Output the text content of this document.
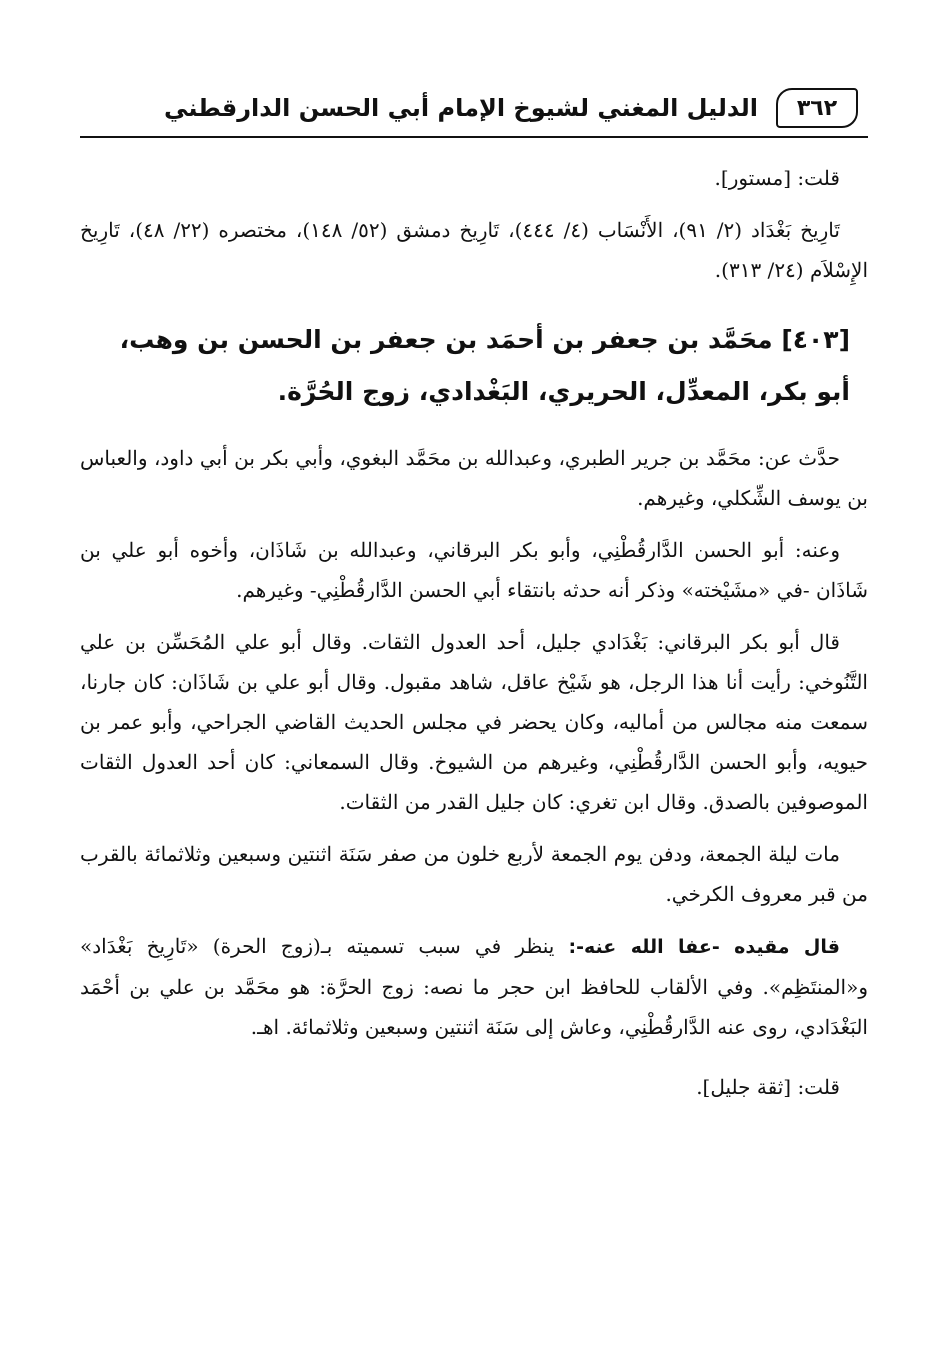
٣٦٢
الدليل المغني لشيوخ الإمام أبي الحسن الدارقطني

قلت: [مستور].

تَارِيخ بَغْدَاد (٢/ ٩١)، الأَنْسَاب (٤/ ٤٤٤)، تَارِيخ دمشق (٥٢/ ١٤٨)، مختصره (٢٢/ ٤٨)، تَارِيخ الإِسْلاَم (٢٤/ ٣١٣).

[٤٠٣] محَمَّد بن جعفر بن أحمَد بن جعفر بن الحسن بن وهب،
أبو بكر، المعدِّل، الحريري، البَغْدادي، زوج الحُرَّة.

حدَّث عن: محَمَّد بن جرير الطبري، وعبدالله بن محَمَّد البغوي، وأبي بكر بن أبي داود، والعباس بن يوسف الشِّكلي، وغيرهم.

وعنه: أبو الحسن الدَّارقُطْنِي، وأبو بكر البرقاني، وعبدالله بن شَاذَان، وأخوه أبو علي بن شَاذَان -في «مشَيْخته» وذكر أنه حدثه بانتقاء أبي الحسن الدَّارقُطْنِي- وغيرهم.

قال أبو بكر البرقاني: بَغْدَادي جليل، أحد العدول الثقات. وقال أبو علي المُحَسِّن بن علي التَّنُوخي: رأيت أنا هذا الرجل، هو شَيْخ عاقل، شاهد مقبول. وقال أبو علي بن شَاذَان: كان جارنا، سمعت منه مجالس من أماليه، وكان يحضر في مجلس الحديث القاضي الجراحي، وأبو عمر بن حيويه، وأبو الحسن الدَّارقُطْنِي، وغيرهم من الشيوخ. وقال السمعاني: كان أحد العدول الثقات الموصوفين بالصدق. وقال ابن تغري: كان جليل القدر من الثقات.

مات ليلة الجمعة، ودفن يوم الجمعة لأربع خلون من صفر سَنَة اثنتين وسبعين وثلاثمائة بالقرب من قبر معروف الكرخي.

قال مقيده -عفا الله عنه-: ينظر في سبب تسميته بـ(زوج الحرة) «تَارِيخ بَغْدَاد» و«المنتَظِم». وفي الألقاب للحافظ ابن حجر ما نصه: زوج الحرَّة: هو محَمَّد بن علي بن أحْمَد البَغْدَادي، روى عنه الدَّارقُطْنِي، وعاش إلى سَنَة اثنتين وسبعين وثلاثمائة. اهـ.

قلت: [ثقة جليل].
